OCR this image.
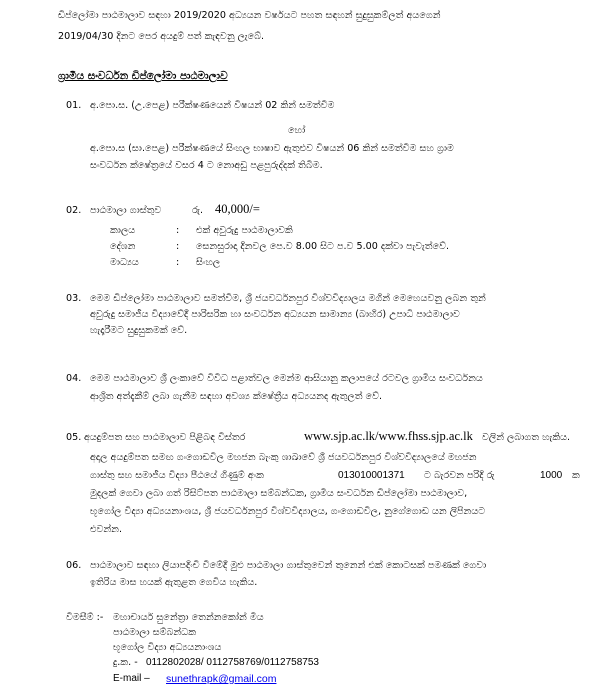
ඩිප්ලෝමා පාඨමාලාව සඳහා 2019/2020 අධ්‍යයන වර්ෂයට පහත සඳහන් සුදුසුකම්ලත් අයගෙන්
2019/04/30 දිනට පෙර අයදුම් පත් කැඳවනු ලැබේ.
ග්‍රාමීය සංවර්ධන ඩිප්ලෝමා පාඨමාලාව
01. අ.පො.ස. (උ.පෙළ) පරීක්ෂණයෙන් විෂයන් 02 කින් සමත්වීම
හෝ
අ.පො.ස (සා.පෙළ) පරීක්ෂණයේ සිංහල භාෂාව ඇතුළුව විෂයන් 06 කින් සමත්වීම සහ ග්‍රාම
සංවර්ධන ක්ෂේත්‍රයේ වසර 4 ට නොඅඩු පළපුරුද්දක් තිබීම.
02. පාඨමාලා ගාස්තුව	රු. 40,000/=
කාලය	: එක් අවුරුදු පාඨමාලාවකි
දේශන	: සෙනසුරාදා දිනවල පෙ.ව 8.00 සිට ප.ව 5.00 දක්වා පැවැත්වේ.
මාධ්‍යය	: සිංහල
03. මෙම ඩිප්ලෝමා පාඨමාලාව සමත්වීම, ශ්‍රී ජයවර්ධනපුර විශ්වවිද්‍යාලය මගින් මෙහෙයවනු ලබන තුන්
අවුරුදු සමාජීය විද්‍යාවේදී පාරිසරික හා සංවර්ධන අධ්‍යයන සාමාන්‍ය (බාහිර) උපාධි පාඨමාලාව
හැදෑරීමට සුදුසුකමක් වේ.
04. මෙම පාඨමාලාව ශ්‍රී ලංකාවේ විවිධ පළාත්වල මෙන්ම ආසියානු කලාපයේ රටවල ග්‍රාමීය සංවර්ධනය
ආශ්‍රිත අත්දැකීම් ලබා ගැනීම සඳහා අවශ්‍ය ක්ෂේත්‍රීය අධ්‍යයනද ඇතුලත් වේ.
05. අයදුම්පත සහ පාඨමාලාව පිළිබඳ විස්තර	www.sjp.ac.lk/www.fhss.sjp.ac.lk වලින් ලබාගත හැකිය.
අදාල අයදුම්පත සමඟ ගංගොඩවිල මහජන බැංකු ශාඛාවේ ශ්‍රී ජයවර්ධනපුර විශ්වවිද්‍යාලයේ මහජන
ගාස්තු සහ සමාජීය විද්‍යා පීඨයේ ගිණුම් අංක	013010001371 ට බැරවන පරිදි රු	1000 ක
මුදලක් ගෙවා ලබා ගත් රිසිට්පත පාඨමාලා සම්බන්ධක, ග්‍රාමීය සංවර්ධන ඩිප්ලෝමා පාඨමාලාව,
භූගෝල විද්‍යා අධ්‍යයනාංශය, ශ්‍රී ජයවර්ධනපුර විශ්වවිද්‍යාලය, ගංගොඩවිල, නුගේගොඩ යන ලිපිනයට
එවන්න.
06. පාඨමාලාව සඳහා ලියාපදිංචි වීමේදී මුළු පාඨමාලා ගාස්තුවෙන් තුනෙන් එක් කොටසක් පමණක් ගෙවා
ඉතිරිය මාස හයක් ඇතුළත ගෙවිය හැකිය.
විමසීම් :- මහාචාර්ය සුනේත්‍රා තෙන්නකෝන් මිය
පාඨමාලා සම්බන්ධක
භූගෝල විද්‍යා අධ්‍යයනාංශය
දු.ක. - 0112802028/ 0112758769/0112758753
E-mail – sunethrapk@gmail.com
